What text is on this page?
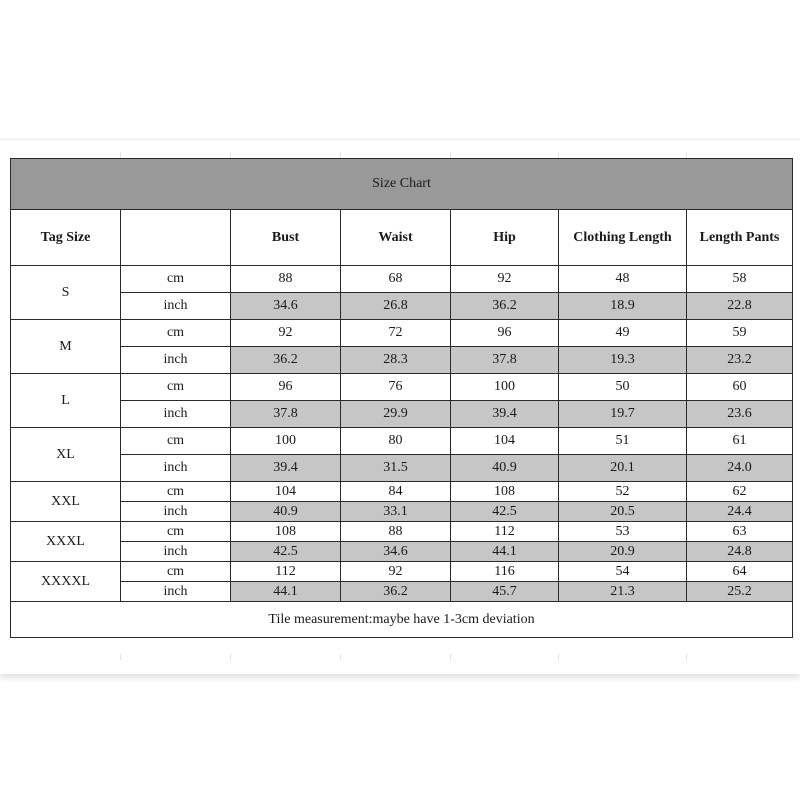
Size Chart						
Tag Size		Bust	Waist	Hip	Clothing Length	Length Pants
S	cm	88	68	92	48	58
	inch	34.6	26.8	36.2	18.9	22.8
M	cm	92	72	96	49	59
	inch	36.2	28.3	37.8	19.3	23.2
L	cm	96	76	100	50	60
	inch	37.8	29.9	39.4	19.7	23.6
XL	cm	100	80	104	51	61
	inch	39.4	31.5	40.9	20.1	24.0
XXL	cm	104	84	108	52	62
	inch	40.9	33.1	42.5	20.5	24.4
XXXL	cm	108	88	112	53	63
	inch	42.5	34.6	44.1	20.9	24.8
XXXXL	cm	112	92	116	54	64
	inch	44.1	36.2	45.7	21.3	25.2
Tile measurement:maybe have 1-3cm deviation						
